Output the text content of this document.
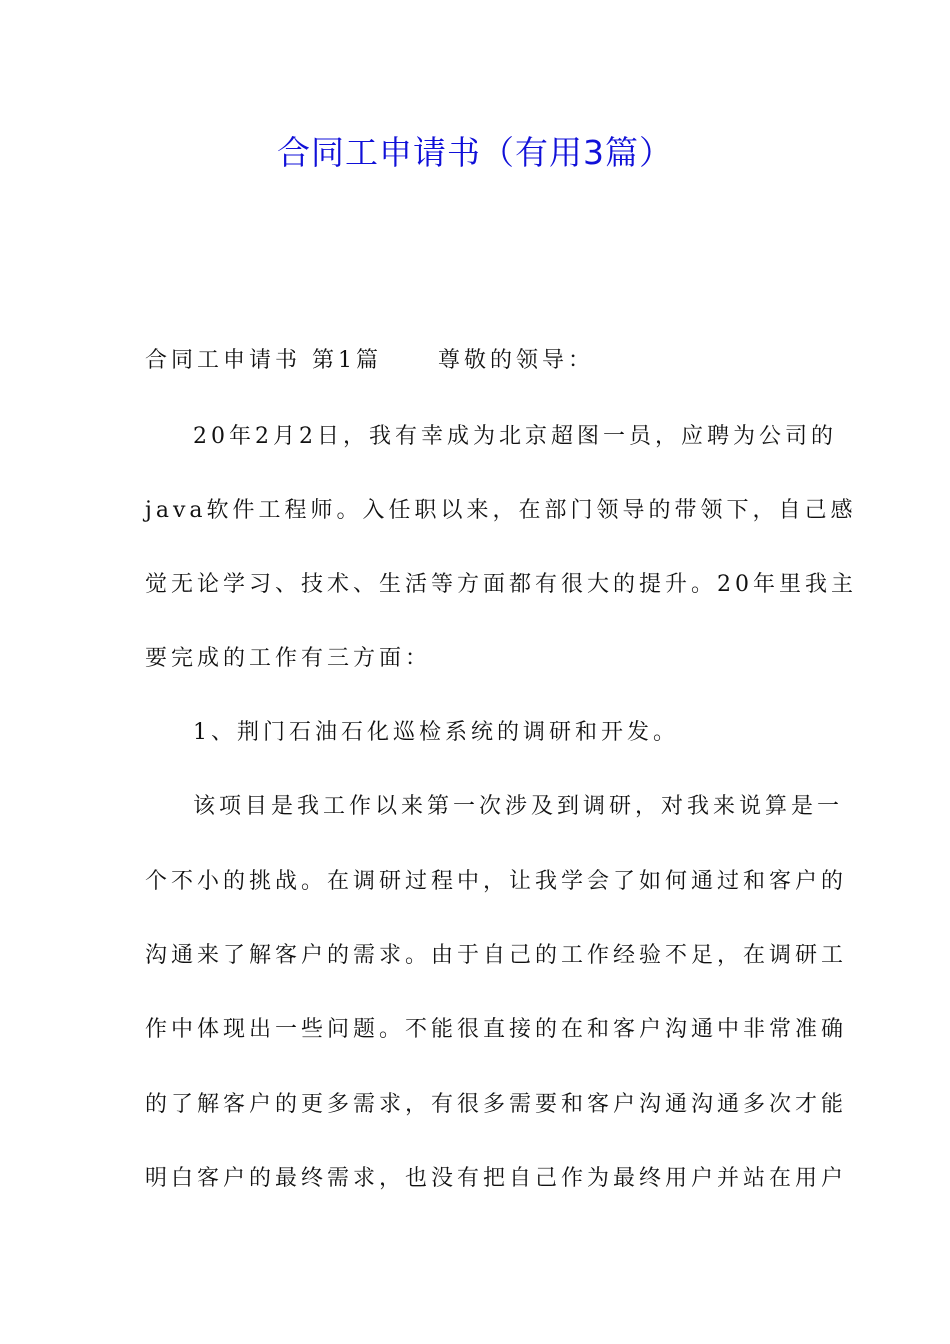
合同工申请书（有用3篇）
合同工申请书 第1篇	尊敬的领导：
20年2月2日，我有幸成为北京超图一员，应聘为公司的
java软件工程师。入任职以来，在部门领导的带领下，自己感
觉无论学习、技术、生活等方面都有很大的提升。20年里我主
要完成的工作有三方面：
1、荆门石油石化巡检系统的调研和开发。
该项目是我工作以来第一次涉及到调研，对我来说算是一
个不小的挑战。在调研过程中，让我学会了如何通过和客户的
沟通来了解客户的需求。由于自己的工作经验不足，在调研工
作中体现出一些问题。不能很直接的在和客户沟通中非常准确
的了解客户的更多需求，有很多需要和客户沟通沟通多次才能
明白客户的最终需求，也没有把自己作为最终用户并站在用户
